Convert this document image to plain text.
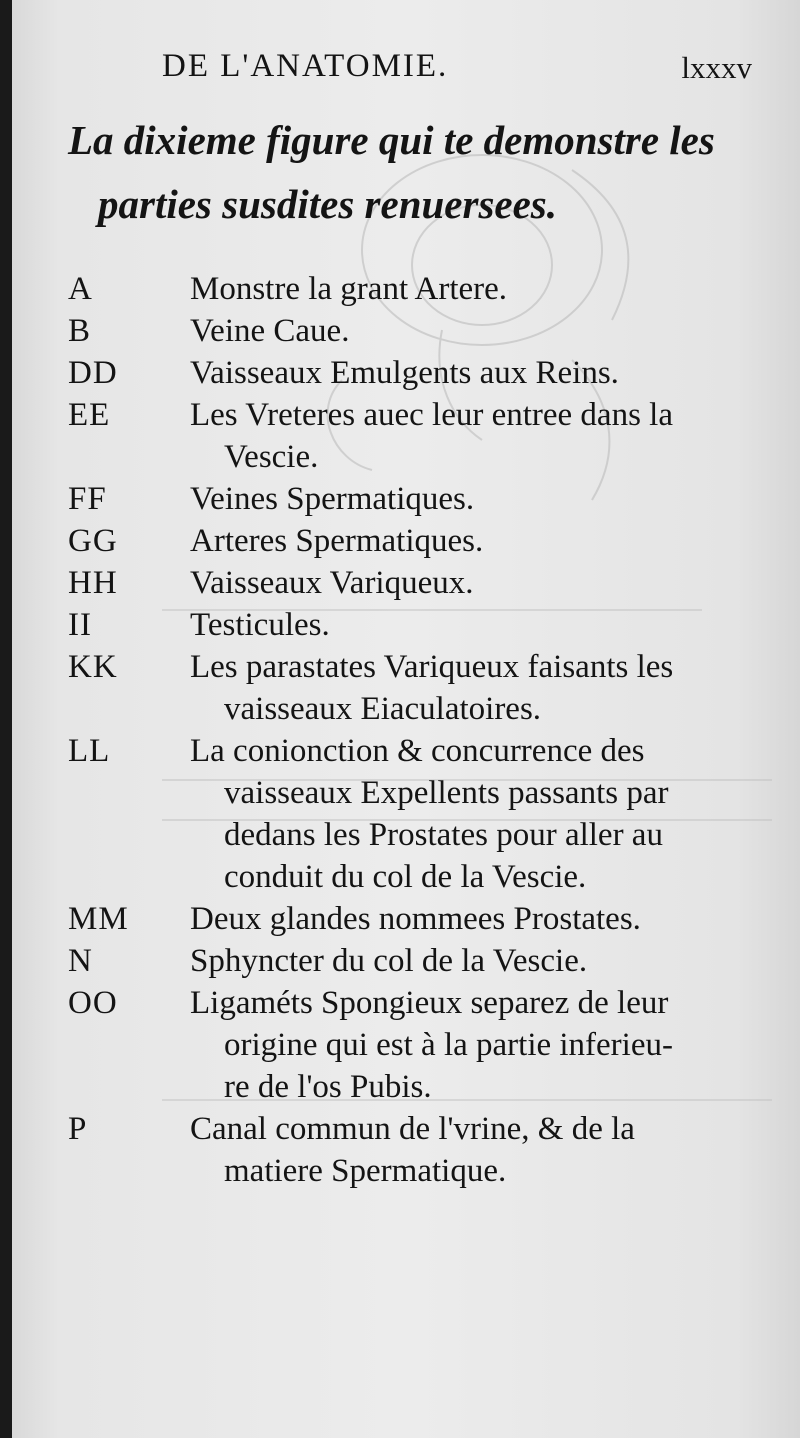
DE L'ANATOMIE.	lxxxv
La dixieme figure qui te demonstre les
parties susdites renuersees.
A	Monstre la grant Artere.
B	Veine Caue.
DD	Vaisseaux Emulgents aux Reins.
EE	Les Vreteres auec leur entree dans la
Vescie.
FF	Veines Spermatiques.
GG	Arteres Spermatiques.
HH	Vaisseaux Variqueux.
II	Testicules.
KK	Les parastates Variqueux faisants les
vaisseaux Eiaculatoires.
LL	La conionction & concurrence des
vaisseaux Expellents passants par
dedans les Prostates pour aller au
conduit du col de la Vescie.
MM	Deux glandes nommees Prostates.
N	Sphyncter du col de la Vescie.
OO	Ligaméts Spongieux separez de leur
origine qui est à la partie inferieu-
re de l'os Pubis.
P	Canal commun de l'vrine, & de la
matiere Spermatique.
